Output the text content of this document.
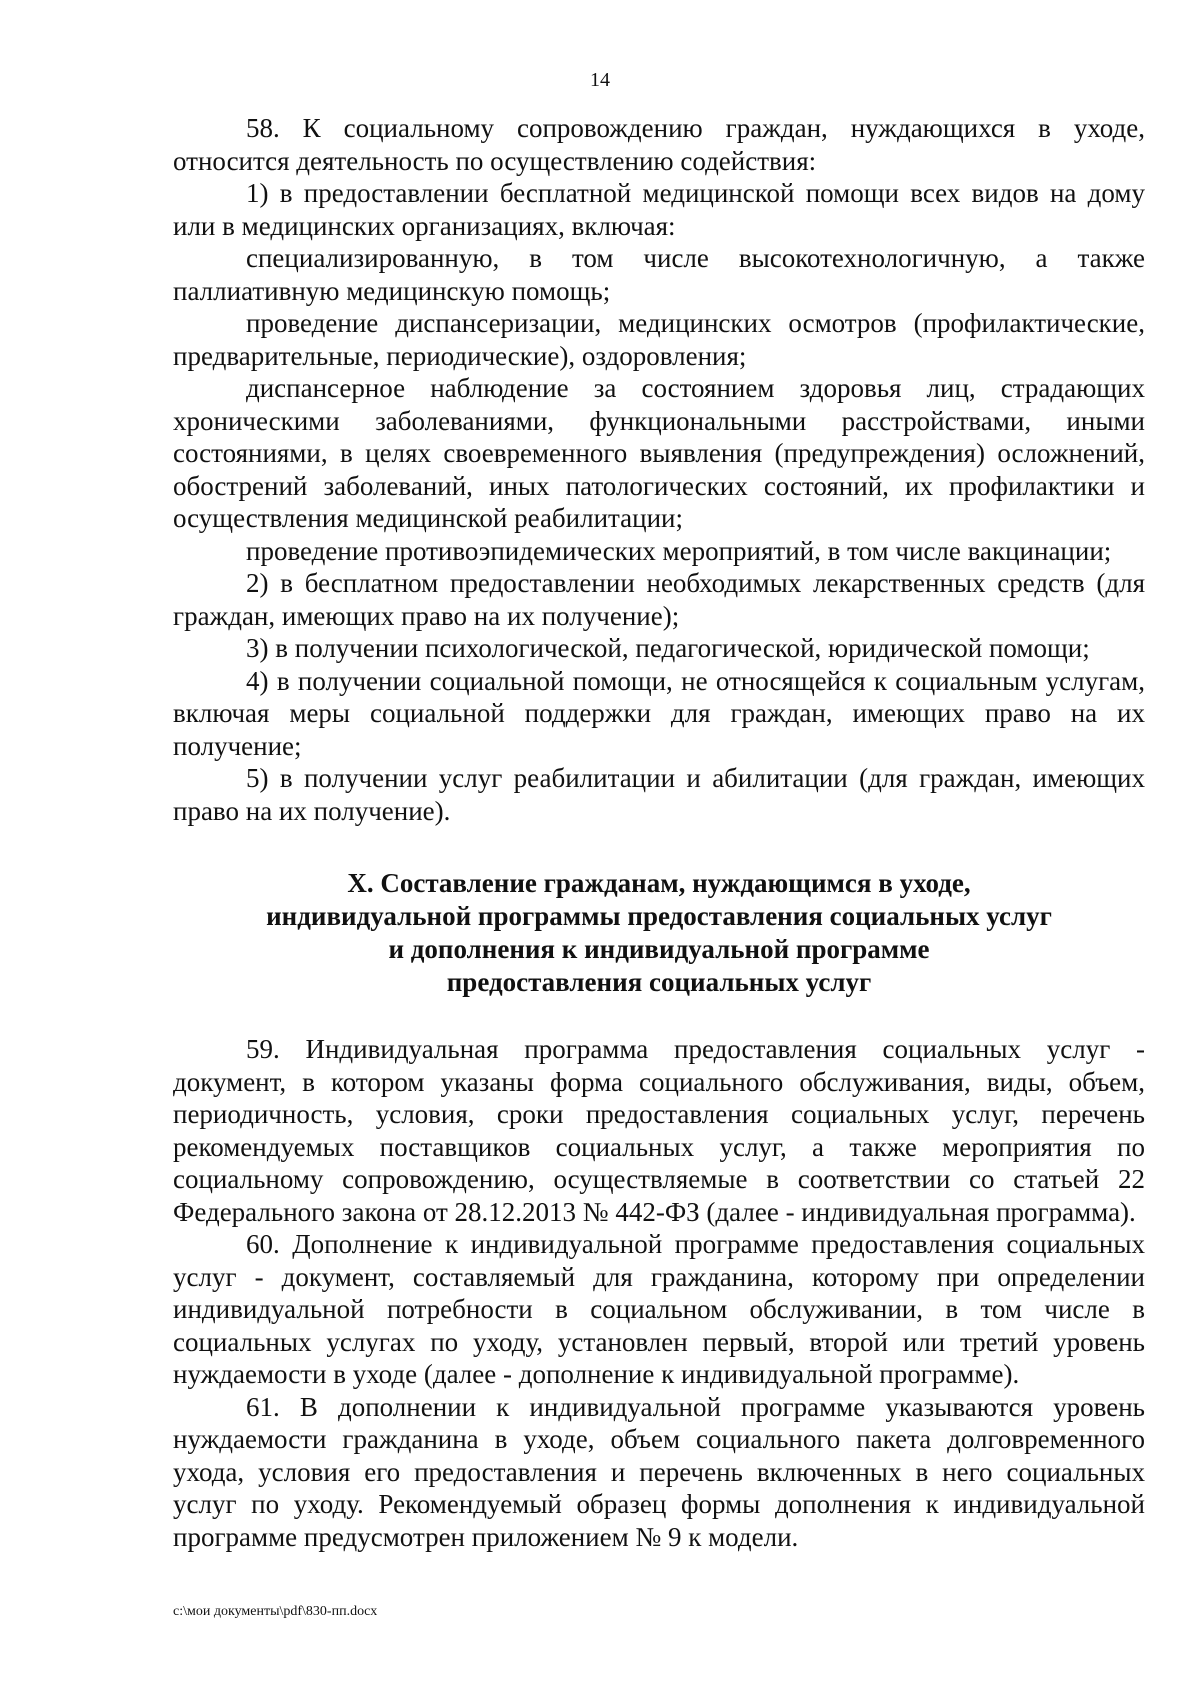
14

58. К социальному сопровождению граждан, нуждающихся в уходе, относится деятельность по осуществлению содействия:

1) в предоставлении бесплатной медицинской помощи всех видов на дому или в медицинских организациях, включая:

специализированную, в том числе высокотехнологичную, а также паллиативную медицинскую помощь;

проведение диспансеризации, медицинских осмотров (профилактические, предварительные, периодические), оздоровления;

диспансерное наблюдение за состоянием здоровья лиц, страдающих хроническими заболеваниями, функциональными расстройствами, иными состояниями, в целях своевременного выявления (предупреждения) осложнений, обострений заболеваний, иных патологических состояний, их профилактики и осуществления медицинской реабилитации;

проведение противоэпидемических мероприятий, в том числе вакцинации;

2) в бесплатном предоставлении необходимых лекарственных средств (для граждан, имеющих право на их получение);

3) в получении психологической, педагогической, юридической помощи;

4) в получении социальной помощи, не относящейся к социальным услугам, включая меры социальной поддержки для граждан, имеющих право на их получение;

5) в получении услуг реабилитации и абилитации (для граждан, имеющих право на их получение).

X. Составление гражданам, нуждающимся в уходе,
индивидуальной программы предоставления социальных услуг
и дополнения к индивидуальной программе
предоставления социальных услуг

59. Индивидуальная программа предоставления социальных услуг - документ, в котором указаны форма социального обслуживания, виды, объем, периодичность, условия, сроки предоставления социальных услуг, перечень рекомендуемых поставщиков социальных услуг, а также мероприятия по социальному сопровождению, осуществляемые в соответствии со статьей 22 Федерального закона от 28.12.2013 № 442-ФЗ (далее - индивидуальная программа).

60. Дополнение к индивидуальной программе предоставления социальных услуг - документ, составляемый для гражданина, которому при определении индивидуальной потребности в социальном обслуживании, в том числе в социальных услугах по уходу, установлен первый, второй или третий уровень нуждаемости в уходе (далее - дополнение к индивидуальной программе).

61. В дополнении к индивидуальной программе указываются уровень нуждаемости гражданина в уходе, объем социального пакета долговременного ухода, условия его предоставления и перечень включенных в него социальных услуг по уходу. Рекомендуемый образец формы дополнения к индивидуальной программе предусмотрен приложением № 9 к модели.

c:\мои документы\pdf\830-пп.docx
